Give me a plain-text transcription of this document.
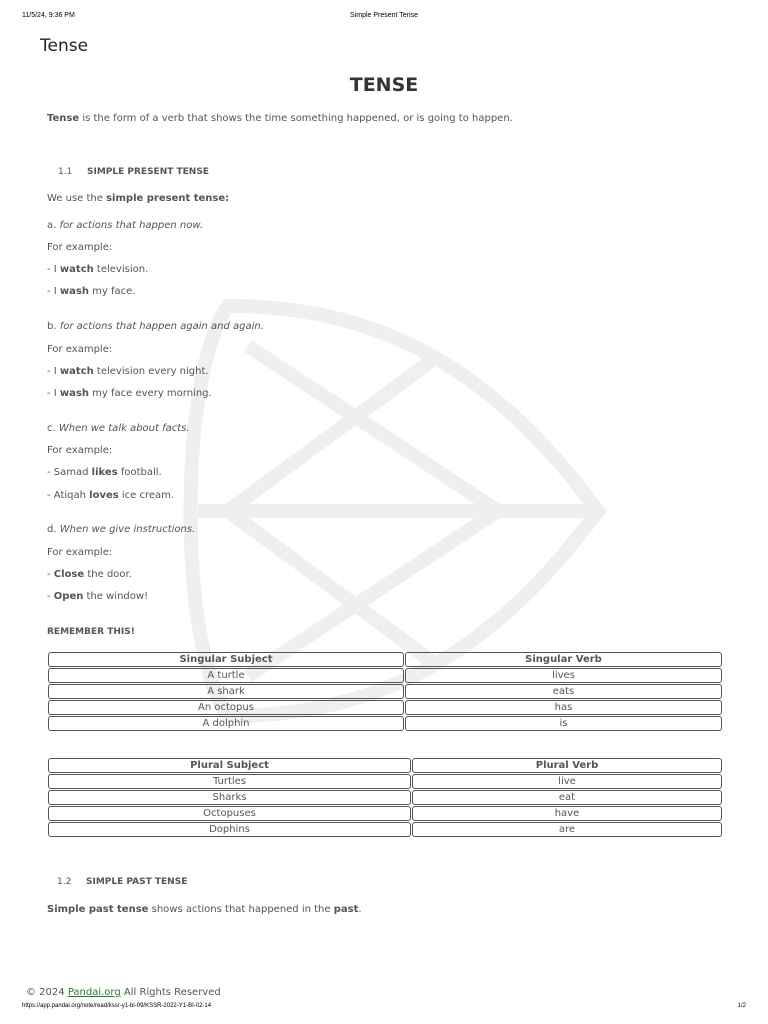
11/5/24, 9:36 PM	Simple Present Tense
Tense
TENSE
Tense is the form of a verb that shows the time something happened, or is going to happen.
1.1 SIMPLE PRESENT TENSE
We use the simple present tense:
a. for actions that happen now.
For example:
- I watch television.
- I wash my face.
b. for actions that happen again and again.
For example:
- I watch television every night.
- I wash my face every morning.
c. When we talk about facts.
For example:
- Samad likes football.
- Atiqah loves ice cream.
d. When we give instructions.
For example:
- Close the door.
- Open the window!
REMEMBER THIS!
1.2 SIMPLE PAST TENSE
Simple past tense shows actions that happened in the past.
Singular Subject	Singular Verb
A turtle	lives
A shark	eats
An octopus	has
A dolphin	is
Plural Subject	Plural Verb
Turtles	live
Sharks	eat
Octopuses	have
Dophins	are
© 2024 Pandai.org All Rights Reserved
https://app.pandai.org/note/read/kssr-y1-bi-09/KSSR-2022-Y1-BI-02-14	1/2
